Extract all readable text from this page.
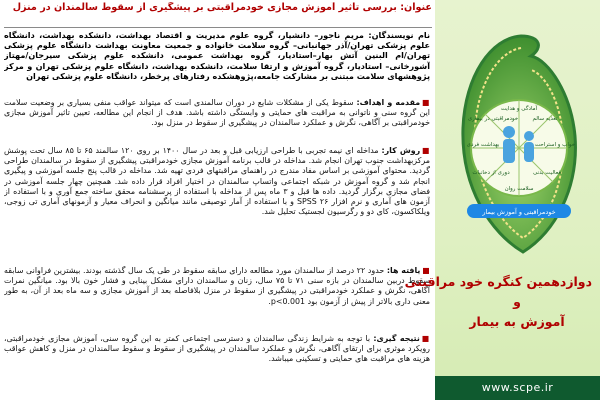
عنوان: بررسی تاثیر آموزش مجازی خودمراقبتی بر پیشگیری از سقوط سالمندان در منزل
نام نویسندگان: مریم ناجور– دانشیار، گروه علوم مدیریت و اقتصاد بهداشت، دانشکده بهداشت، دانشگاه علوم پزشکی تهران/آذر جهانبانی– گروه سلامت خانواده و جمعیت معاونت بهداشت دانشگاه علوم پزشکی تهران/ام البنین آتش بهار–استادیار، گروه بهداشت عمومی، دانشکده علوم پزشکی سیرجان/مهتاز آشورخانی– استادیار، گروه آموزش و ارتقا سلامت، دانشکده بهداشت، دانشگاه علوم پزشکی تهران و مرکز پژوهشهای سلامت مبتنی بر مشارکت جامعه،پژوهشکده رفتارهای پرخطر، دانشگاه علوم پزشکی تهران
■مقدمه و اهداف: سقوط یکی از مشکلات شایع در دوران سالمندی است که میتواند عواقب منفی بسیاری بر وضعیت سلامت این گروه سنی و ناتوانی به مراقبت های حمایتی و وابستگی داشته باشد. هدف از انجام این مطالعه، تعیین تاثیر آموزش مجازی خودمراقبتی بر آگاهی، نگرش و عملکرد سالمندان در پیشگیری از سقوط در منزل بود.
■روش کار: مداخله ای نیمه تجربی با طراحی ارزیابی قبل و بعد در سال ۱۴۰۰ بر روی ۱۲۰ سالمند ۶۵ تا ۸۵ سال تحت پوشش مرکزبهداشت جنوب تهران انجام شد. مداخله در قالب برنامه آموزش مجازی خودمراقبتی پیشگیری از سقوط در سالمندان طراحی گردید. محتوای آموزشی بر اساس مفاد مندرج در راهنمای مراقبتهای فردی تهیه شد. مداخله در قالب پنج جلسه آموزشی و پیگیری انجام شد و گروه آموزش در شبکه اجتماعی واتساپ سالمندان در اختیار افراد قرار داده شد. همچنین چهار جلسه آموزشی در فضای مجازی برگزار گردید. داده ها قبل و ۳ ماه پس از مداخله با استفاده از پرسشنامه محقق ساخته جمع آوری و با استفاده از آزمون های آماری و نرم افزار SPSS ۲۶ و با استفاده از آمار توصیفی مانند میانگین و انحراف معیار و آزمونهای آماری تی زوجی، ویلکاکسون، کای دو و رگرسیون لجستیک تحلیل شد.
■یافته ها: حدود ۲۲ درصد از سالمندان مورد مطالعه دارای سابقه سقوط در طی یک سال گذشته بودند. بیشترین فراوانی سابقه سقوط دربین سالمندان در بازه سنی ۷۱ تا ۷۵ سال، زنان و سالمندان دارای مشکل بینایی و فشار خون بالا بود. میانگین نمرات آگاهی، نگرش و عملکرد خودمراقبتی در پیشگیری از سقوط در منزل بلافاصله بعد از آموزش مجازی و سه ماه بعد از آن، به طور معنی داری بالاتر از پیش از آزمون بود p<0.001.
■نتیجه گیری: با توجه به شرایط زندگی سالمندان و دسترسی اجتماعی کمتر به این گروه سنی، آموزش مجازی خودمراقبتی، رویکرد موثری برای ارتقای آگاهی، نگرش و عملکرد سالمندان در پیشگیری از سقوط و سقوط سالمندان در منزل و کاهش عواقب هزینه های مراقبت های حمایتی و تسکینی میباشد.
آمادگی و هدایت
تغذیه سالم
خواب و استراحت
فعالیت بدنی
سلامت روان
دوری از دخانیات
بهداشت فردی
خودمراقبتی در بیماری
خودمراقبتی و آموزش بیمار
دوازدهمین کنگره خود مراقبتی
و
آموزش به بیمار
www.scpe.ir
